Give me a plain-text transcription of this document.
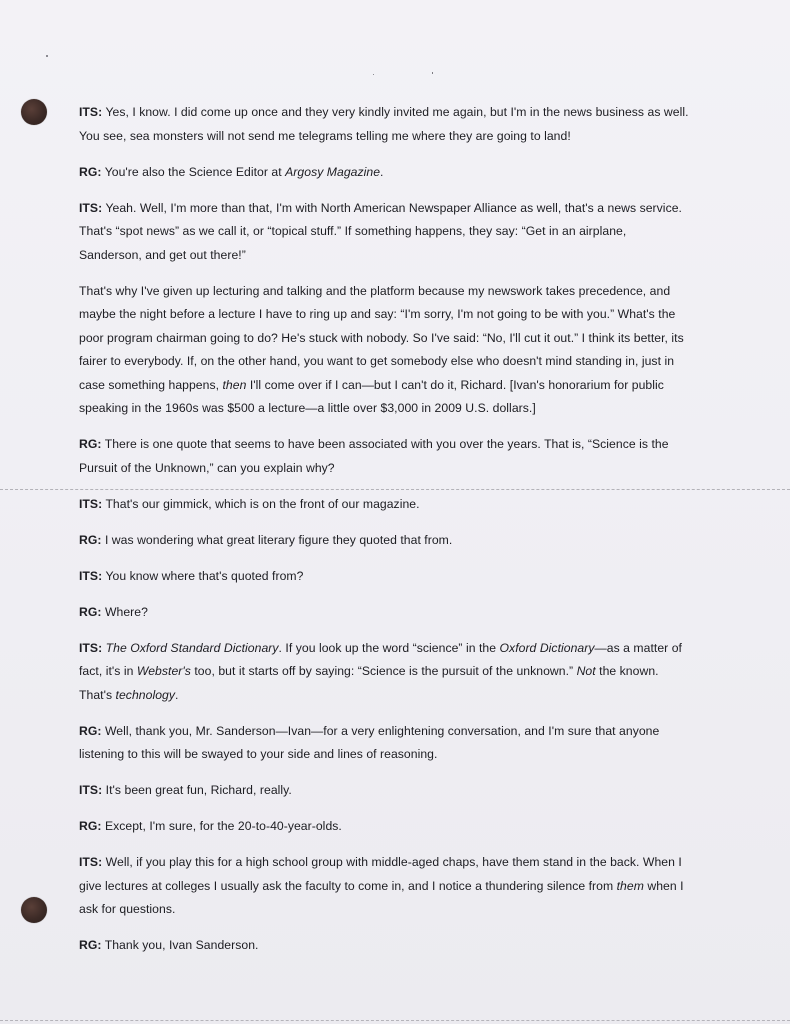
ITS: Yes, I know. I did come up once and they very kindly invited me again, but I'm in the news business as well. You see, sea monsters will not send me telegrams telling me where they are going to land!

RG: You're also the Science Editor at Argosy Magazine.

ITS: Yeah. Well, I'm more than that, I'm with North American Newspaper Alliance as well, that's a news service. That's “spot news” as we call it, or “topical stuff.” If something happens, they say: “Get in an airplane, Sanderson, and get out there!”

That's why I've given up lecturing and talking and the platform because my newswork takes precedence, and maybe the night before a lecture I have to ring up and say: “I'm sorry, I'm not going to be with you.” What's the poor program chairman going to do? He's stuck with nobody. So I've said: “No, I'll cut it out.” I think its better, its fairer to everybody. If, on the other hand, you want to get somebody else who doesn't mind standing in, just in case something happens, then I'll come over if I can—but I can't do it, Richard. [Ivan's honorarium for public speaking in the 1960s was $500 a lecture—a little over $3,000 in 2009 U.S. dollars.]

RG: There is one quote that seems to have been associated with you over the years. That is, “Science is the Pursuit of the Unknown,” can you explain why?

ITS: That's our gimmick, which is on the front of our magazine.

RG: I was wondering what great literary figure they quoted that from.

ITS: You know where that's quoted from?

RG: Where?

ITS: The Oxford Standard Dictionary. If you look up the word “science” in the Oxford Dictionary—as a matter of fact, it's in Webster's too, but it starts off by saying: “Science is the pursuit of the unknown.” Not the known. That's technology.

RG: Well, thank you, Mr. Sanderson—Ivan—for a very enlightening conversation, and I'm sure that anyone listening to this will be swayed to your side and lines of reasoning.

ITS: It's been great fun, Richard, really.

RG: Except, I'm sure, for the 20-to-40-year-olds.

ITS: Well, if you play this for a high school group with middle-aged chaps, have them stand in the back. When I give lectures at colleges I usually ask the faculty to come in, and I notice a thundering silence from them when I ask for questions.

RG: Thank you, Ivan Sanderson.
